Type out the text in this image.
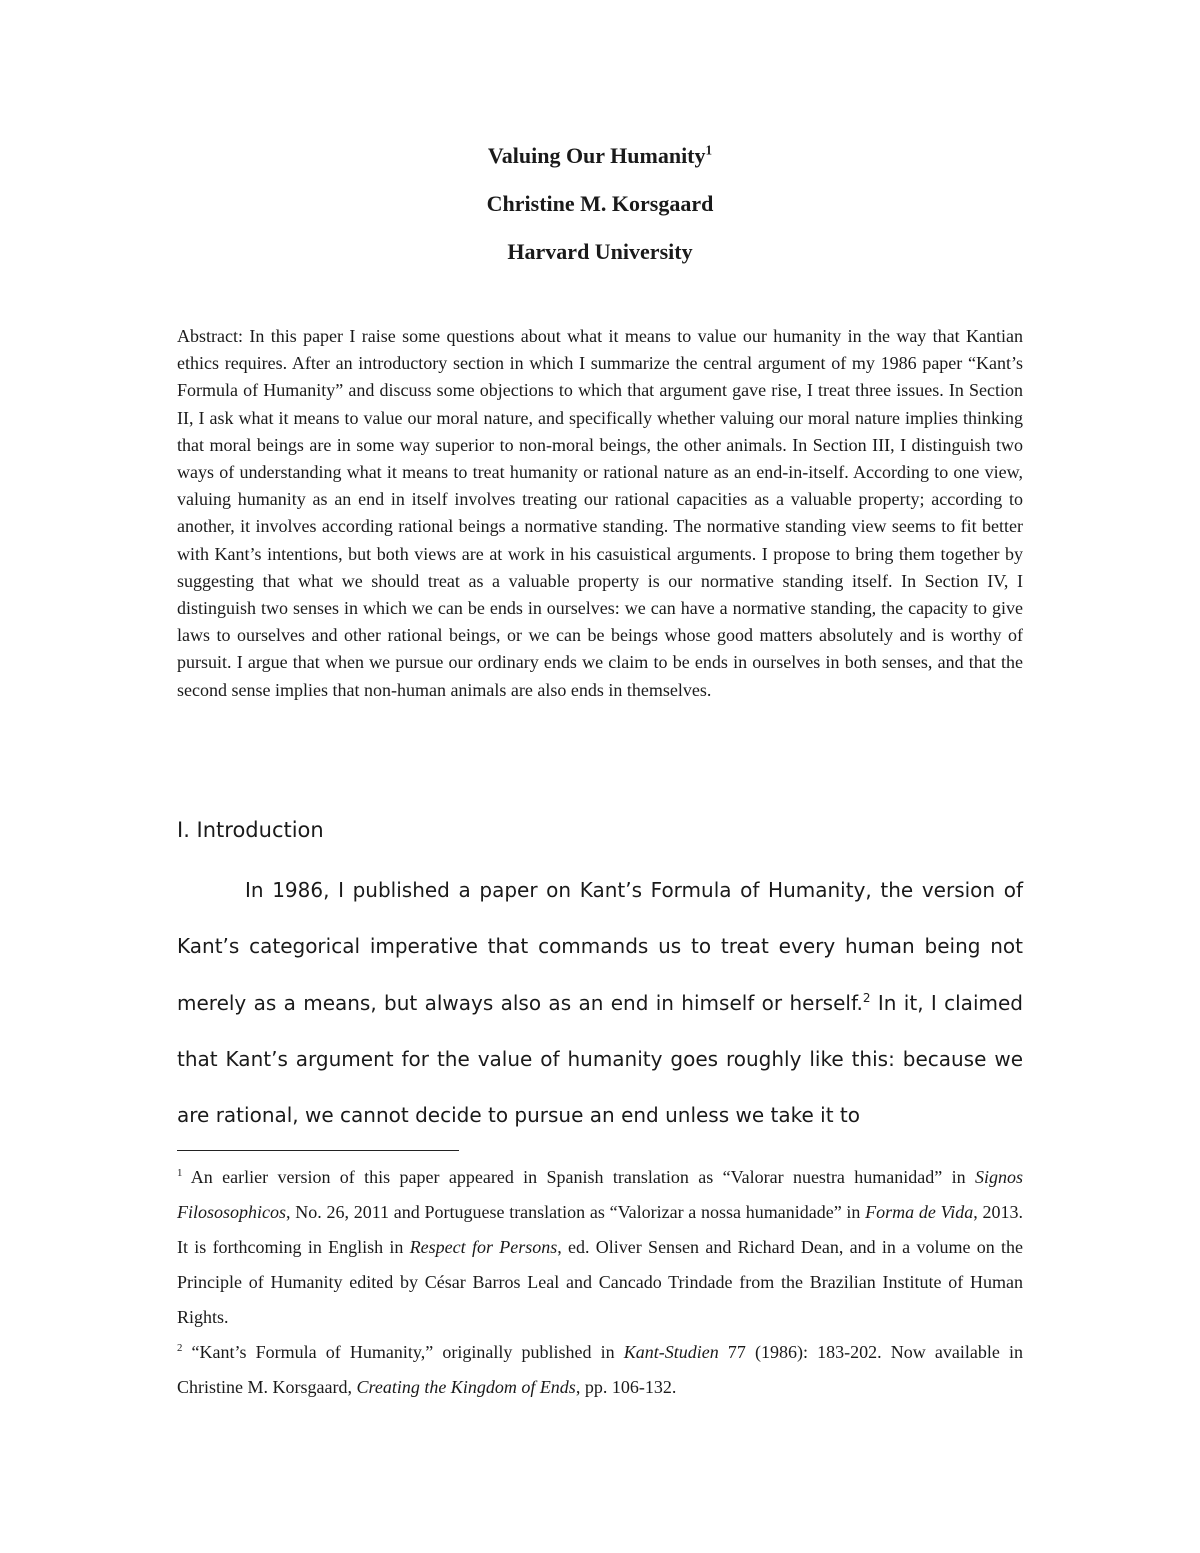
Valuing Our Humanity$^1$
Christine M. Korsgaard
Harvard University

Abstract: In this paper I raise some questions about what it means to value our humanity in the way that Kantian ethics requires. After an introductory section in which I summarize the central argument of my 1986 paper “Kant’s Formula of Humanity” and discuss some objections to which that argument gave rise, I treat three issues. In Section II, I ask what it means to value our moral nature, and specifically whether valuing our moral nature implies thinking that moral beings are in some way superior to non-moral beings, the other animals. In Section III, I distinguish two ways of understanding what it means to treat humanity or rational nature as an end-in-itself. According to one view, valuing humanity as an end in itself involves treating our rational capacities as a valuable property; according to another, it involves according rational beings a normative standing. The normative standing view seems to fit better with Kant’s intentions, but both views are at work in his casuistical arguments. I propose to bring them together by suggesting that what we should treat as a valuable property is our normative standing itself. In Section IV, I distinguish two senses in which we can be ends in ourselves: we can have a normative standing, the capacity to give laws to ourselves and other rational beings, or we can be beings whose good matters absolutely and is worthy of pursuit. I argue that when we pursue our ordinary ends we claim to be ends in ourselves in both senses, and that the second sense implies that non-human animals are also ends in themselves.

I. Introduction

In 1986, I published a paper on Kant’s Formula of Humanity, the version of Kant’s categorical imperative that commands us to treat every human being not merely as a means, but always also as an end in himself or herself.$^2$ In it, I claimed that Kant’s argument for the value of humanity goes roughly like this: because we are rational, we cannot decide to pursue an end unless we take it to

$^1$ An earlier version of this paper appeared in Spanish translation as “Valorar nuestra humanidad” in Signos Filososophicos, No. 26, 2011 and Portuguese translation as “Valorizar a nossa humanidade” in Forma de Vida, 2013. It is forthcoming in English in Respect for Persons, ed. Oliver Sensen and Richard Dean, and in a volume on the Principle of Humanity edited by César Barros Leal and Cancado Trindade from the Brazilian Institute of Human Rights.

$^2$ “Kant’s Formula of Humanity,” originally published in Kant-Studien 77 (1986): 183-202. Now available in Christine M. Korsgaard, Creating the Kingdom of Ends, pp. 106-132.
